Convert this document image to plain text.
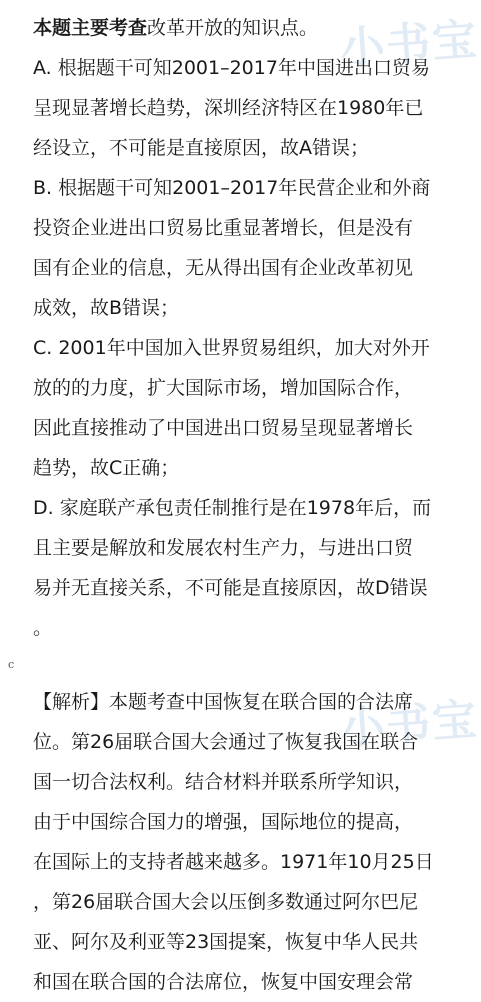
小书宝
小书宝
本题主要考查改革开放的知识点。
A. 根据题干可知2001–2017年中国进出口贸易
呈现显著增长趋势，深圳经济特区在1980年已
经设立，不可能是直接原因，故A错误；
B. 根据题干可知2001–2017年民营企业和外商
投资企业进出口贸易比重显著增长，但是没有
国有企业的信息，无从得出国有企业改革初见
成效，故B错误；
C. 2001年中国加入世界贸易组织，加大对外开
放的的力度，扩大国际市场，增加国际合作，
因此直接推动了中国进出口贸易呈现显著增长
趋势，故C正确；
D. 家庭联产承包责任制推行是在1978年后，而
且主要是解放和发展农村生产力，与进出口贸
易并无直接关系，不可能是直接原因，故D错误
。
c
【解析】本题考查中国恢复在联合国的合法席
位。第26届联合国大会通过了恢复我国在联合
国一切合法权利。结合材料并联系所学知识，
由于中国综合国力的增强，国际地位的提高，
在国际上的支持者越来越多。1971年10月25日
，第26届联合国大会以压倒多数通过阿尔巴尼
亚、阿尔及利亚等23国提案，恢复中华人民共
和国在联合国的合法席位，恢复中国安理会常
